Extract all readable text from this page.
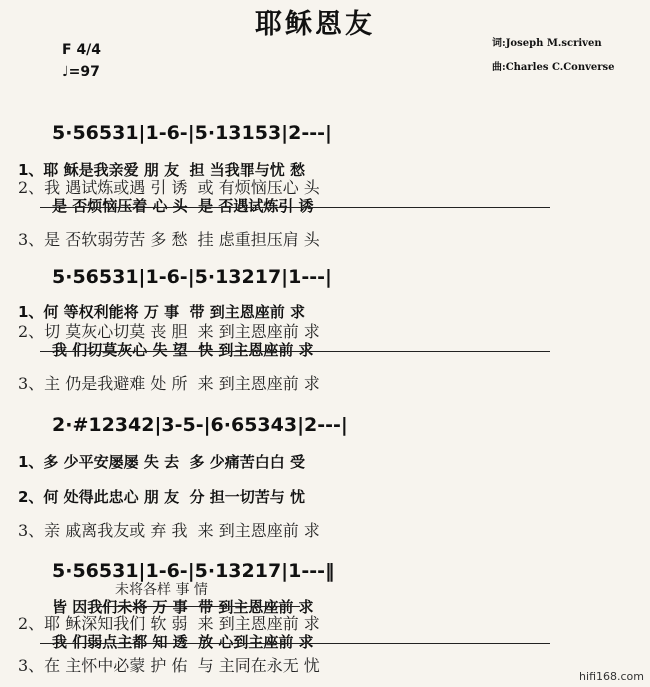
耶稣恩友
F 4/4
♩=97
词:Joseph M.scriven
曲:Charles C.Converse
5·56531|1-6-|5·13153|2---|
1、耶 稣是我亲爱 朋 友  担 当我罪与忧 愁
2、我 遇试炼或遇 引 诱  或 有烦恼压心 头
是 否烦恼压着 心 头  是 否遇试炼引 诱
3、是 否软弱劳苦 多 愁  挂 虑重担压肩 头
5·56531|1-6-|5·13217|1---|
1、何 等权利能将 万 事  带 到主恩座前 求
2、切 莫灰心切莫 丧 胆  来 到主恩座前 求
我 们切莫灰心 失 望  快 到主恩座前 求
3、主 仍是我避难 处 所  来 到主恩座前 求
2·#12342|3-5-|6·65343|2---|
1、多 少平安屡屡 失 去  多 少痛苦白白 受
2、何 处得此忠心 朋 友  分 担一切苦与 忧
3、亲 戚离我友或 弃 我  来 到主恩座前 求
5·56531|1-6-|5·13217|1---‖
未将各样 事 情
皆 因我们未将 万 事  带 到主恩座前 求
2、耶 稣深知我们 软 弱  来 到主恩座前 求
我 们弱点主都 知 透  放 心到主座前 求
3、在 主怀中必蒙 护 佑  与 主同在永无 忧
hifi168.com
